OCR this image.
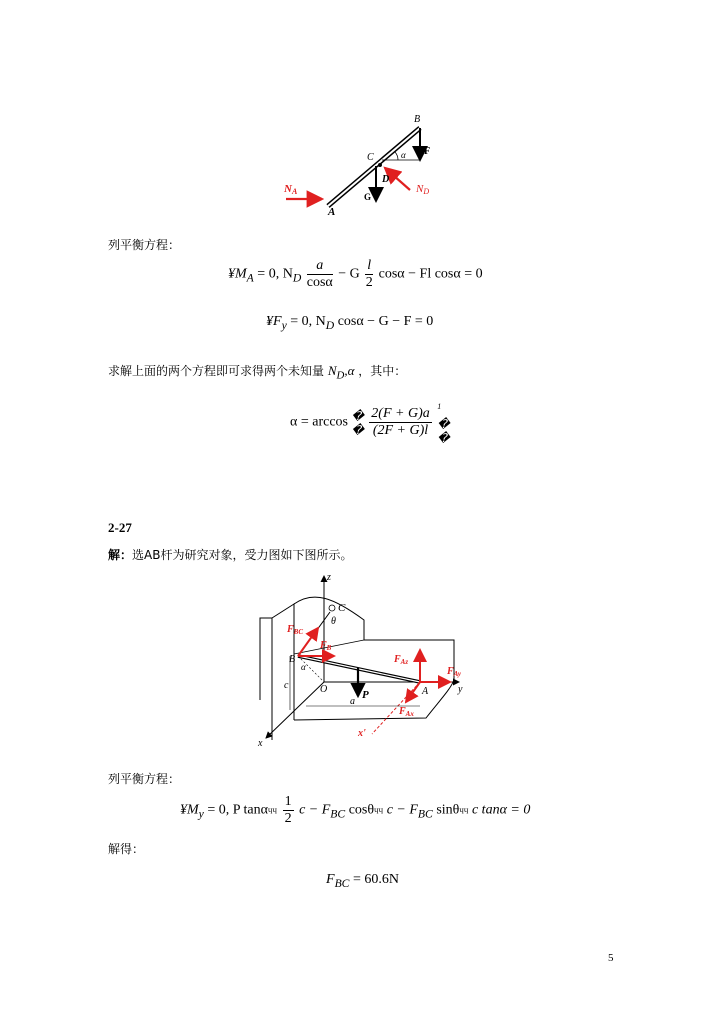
B
C	α F
D
G
NA	ND
A
列平衡方程：
$¥M_A = 0$, $N_D \frac{a}{\cos\alpha} - G \frac{l}{2}$ cosα − Fl cosα = 0
$¥F_y = 0$, $N_D$ cosα − G − F = 0
求解上面的两个方程即可求得两个未知量 $N_D,\alpha$ ，其中：
α = arccos �
� $\frac{2(F + G)a}{(2F + G)l} ^1$
�
�
2-27
解：选AB杆为研究对象，受力图如下图所示。
z
C
θ
$F_{BC}$
$F_B$
B
α
$F_{Az}$
$F_{Ay}$
c	O	P
a
A	y
$F_{Ax}$
x'
x
列平衡方程：
$¥M_y = 0$, P tanαЧЧ $\frac{1}{2}$ $c - F_{BC}$ cosθЧЧ $c - F_{BC}$ sinθЧЧ c tanα = 0
解得：
$F_{BC} = 60.6N$
5
